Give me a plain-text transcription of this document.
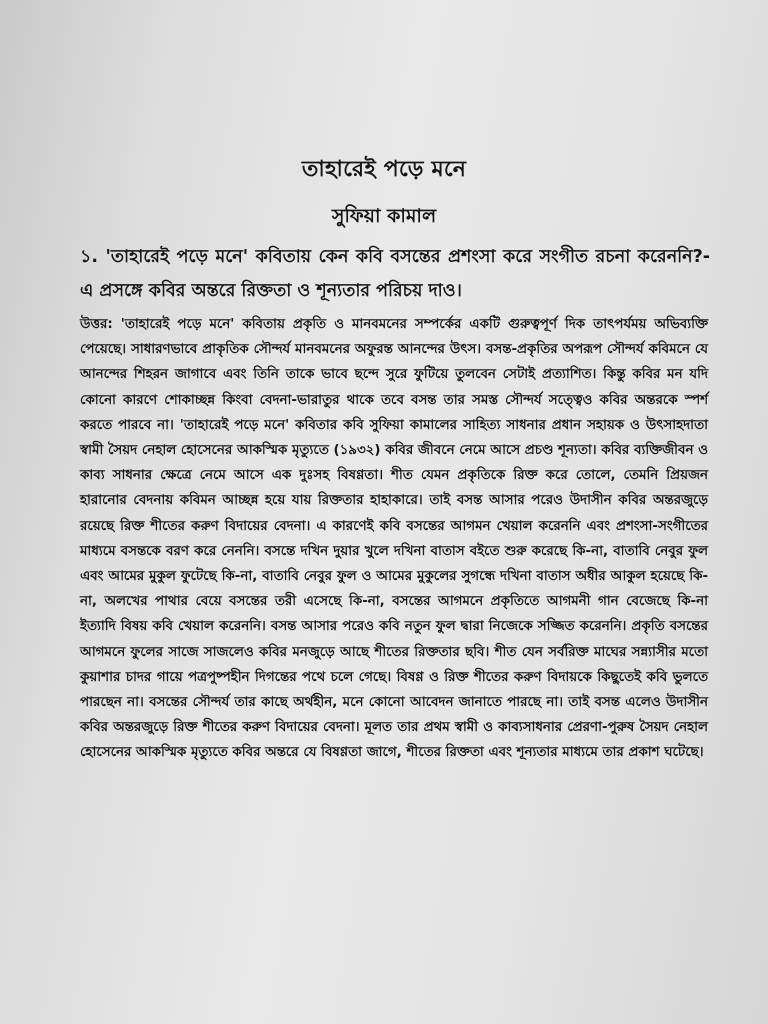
তাহারেই পড়ে মনে
সুফিয়া কামাল
১. 'তাহারেই পড়ে মনে' কবিতায় কেন কবি বসন্তের প্রশংসা করে সংগীত রচনা করেননি?- এ প্রসঙ্গে কবির অন্তরে রিক্ততা ও শূন্যতার পরিচয় দাও।
উত্তর: 'তাহারেই পড়ে মনে' কবিতায় প্রকৃতি ও মানবমনের সম্পর্কের একটি গুরুত্বপূর্ণ দিক তাৎপর্যময় অভিব্যক্তি পেয়েছে। সাধারণভাবে প্রাকৃতিক সৌন্দর্য মানবমনের অফুরন্ত আনন্দের উৎস। বসন্ত-প্রকৃতির অপরূপ সৌন্দর্য কবিমনে যে আনন্দের শিহরন জাগাবে এবং তিনি তাকে ভাবে ছন্দে সুরে ফুটিয়ে তুলবেন সেটাই প্রত্যাশিত। কিন্তু কবির মন যদি কোনো কারণে শোকাচ্ছন্ন কিংবা বেদনা-ভারাতুর থাকে তবে বসন্ত তার সমস্ত সৌন্দর্য সত্ত্বেও কবির অন্তরকে স্পর্শ করতে পারবে না। 'তাহারেই পড়ে মনে' কবিতার কবি সুফিয়া কামালের সাহিত্য সাধনার প্রধান সহায়ক ও উৎসাহদাতা স্বামী সৈয়দ নেহাল হোসেনের আকস্মিক মৃত্যুতে (১৯৩২) কবির জীবনে নেমে আসে প্রচণ্ড শূন্যতা। কবির ব্যক্তিজীবন ও কাব্য সাধনার ক্ষেত্রে নেমে আসে এক দুঃসহ বিষণ্ণতা। শীত যেমন প্রকৃতিকে রিক্ত করে তোলে, তেমনি প্রিয়জন হারানোর বেদনায় কবিমন আচ্ছন্ন হয়ে যায় রিক্ততার হাহাকারে। তাই বসন্ত আসার পরেও উদাসীন কবির অন্তরজুড়ে রয়েছে রিক্ত শীতের করুণ বিদায়ের বেদনা। এ কারণেই কবি বসন্তের আগমন খেয়াল করেননি এবং প্রশংসা-সংগীতের মাধ্যমে বসন্তকে বরণ করে নেননি। বসন্তে দখিন দুয়ার খুলে দখিনা বাতাস বইতে শুরু করেছে কি-না, বাতাবি নেবুর ফুল এবং আমের মুকুল ফুটেছে কি-না, বাতাবি নেবুর ফুল ও আমের মুকুলের সুগন্ধে দখিনা বাতাস অধীর আকুল হয়েছে কি-না, অলখের পাথার বেয়ে বসন্তের তরী এসেছে কি-না, বসন্তের আগমনে প্রকৃতিতে আগমনী গান বেজেছে কি-না ইত্যাদি বিষয় কবি খেয়াল করেননি। বসন্ত আসার পরেও কবি নতুন ফুল দ্বারা নিজেকে সজ্জিত করেননি। প্রকৃতি বসন্তের আগমনে ফুলের সাজে সাজলেও কবির মনজুড়ে আছে শীতের রিক্ততার ছবি। শীত যেন সর্বরিক্ত মাঘের সন্ন্যাসীর মতো কুয়াশার চাদর গায়ে পত্রপুষ্পহীন দিগন্তের পথে চলে গেছে। বিষণ্ণ ও রিক্ত শীতের করুণ বিদায়কে কিছুতেই কবি ভুলতে পারছেন না। বসন্তের সৌন্দর্য তার কাছে অর্থহীন, মনে কোনো আবেদন জানাতে পারছে না। তাই বসন্ত এলেও উদাসীন কবির অন্তরজুড়ে রিক্ত শীতের করুণ বিদায়ের বেদনা। মূলত তার প্রথম স্বামী ও কাব্যসাধনার প্রেরণা-পুরুষ সৈয়দ নেহাল হোসেনের আকস্মিক মৃত্যুতে কবির অন্তরে যে বিষণ্ণতা জাগে, শীতের রিক্ততা এবং শূন্যতার মাধ্যমে তার প্রকাশ ঘটেছে।
